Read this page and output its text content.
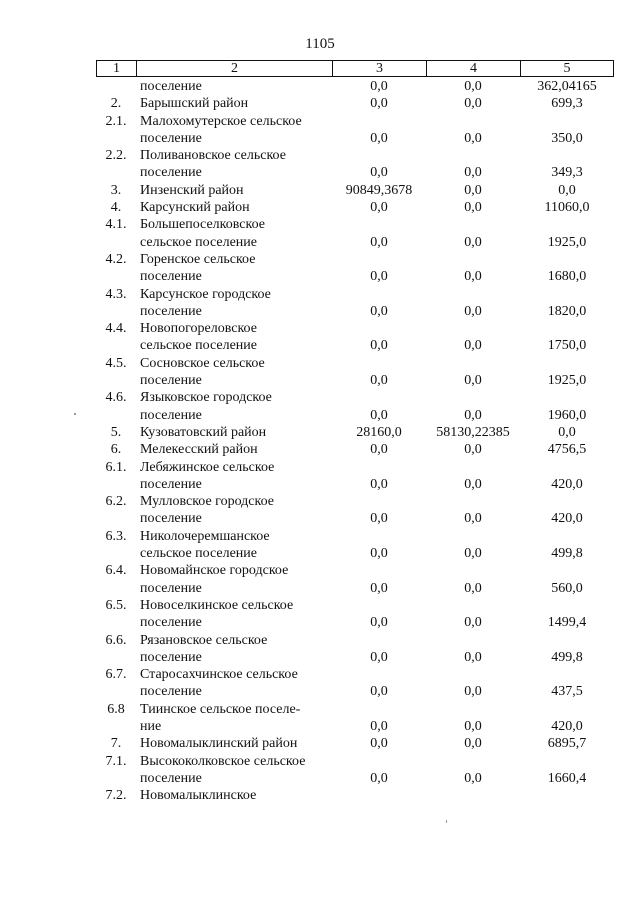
1105
1	2	3	4	5
поселение	0,0	0,0	362,04165
2.	Барышский район	0,0	0,0	699,3
2.1. Малохомутерское сельское
поселение	0,0	0,0	350,0
2.2. Поливановское сельское
поселение	0,0	0,0	349,3
3.	Инзенский район	90849,3678	0,0	0,0
4.	Карсунский район	0,0	0,0	11060,0
4.1. Большепоселковское
сельское поселение	0,0	0,0	1925,0
4.2. Горенское сельское
поселение	0,0	0,0	1680,0
4.3. Карсунское городское
поселение	0,0	0,0	1820,0
4.4. Новопогореловское
сельское поселение	0,0	0,0	1750,0
4.5. Сосновское сельское
поселение	0,0	0,0	1925,0
4.6. Языковское городское
поселение	0,0	0,0	1960,0
5.	Кузоватовский район	28160,0	58130,22385	0,0
6.	Мелекесский район	0,0	0,0	4756,5
6.1. Лебяжинское сельское
поселение	0,0	0,0	420,0
6.2. Мулловское городское
поселение	0,0	0,0	420,0
6.3. Николочеремшанское
сельское поселение	0,0	0,0	499,8
6.4. Новомайнское городское
поселение	0,0	0,0	560,0
6.5. Новоселкинское сельское
поселение	0,0	0,0	1499,4
6.6. Рязановское сельское
поселение	0,0	0,0	499,8
6.7. Старосахчинское сельское
поселение	0,0	0,0	437,5
6.8	Тиинское сельское поселе-
ние	0,0	0,0	420,0
7.	Новомалыклинский район	0,0	0,0	6895,7
7.1. Высококолковское сельское
поселение	0,0	0,0	1660,4
7.2. Новомалыклинское
